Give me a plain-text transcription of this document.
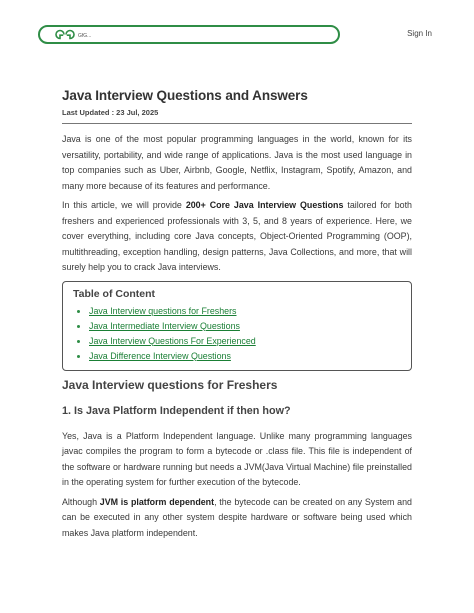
GfG...	Sign In
Java Interview Questions and Answers
Last Updated : 23 Jul, 2025

Java is one of the most popular programming languages in the world, known for its versatility, portability, and wide range of applications. Java is the most used language in top companies such as Uber, Airbnb, Google, Netflix, Instagram, Spotify, Amazon, and many more because of its features and performance.

In this article, we will provide 200+ Core Java Interview Questions tailored for both freshers and experienced professionals with 3, 5, and 8 years of experience. Here, we cover everything, including core Java concepts, Object-Oriented Programming (OOP), multithreading, exception handling, design patterns, Java Collections, and more, that will surely help you to crack Java interviews.

Table of Content
• Java Interview questions for Freshers
• Java Intermediate Interview Questions
• Java Interview Questions For Experienced
• Java Difference Interview Questions
Java Interview questions for Freshers
1. Is Java Platform Independent if then how?

Yes, Java is a Platform Independent language. Unlike many programming languages javac compiles the program to form a bytecode or .class file. This file is independent of the software or hardware running but needs a JVM(Java Virtual Machine) file preinstalled in the operating system for further execution of the bytecode.

Although JVM is platform dependent, the bytecode can be created on any System and can be executed in any other system despite hardware or software being used which makes Java platform independent.
